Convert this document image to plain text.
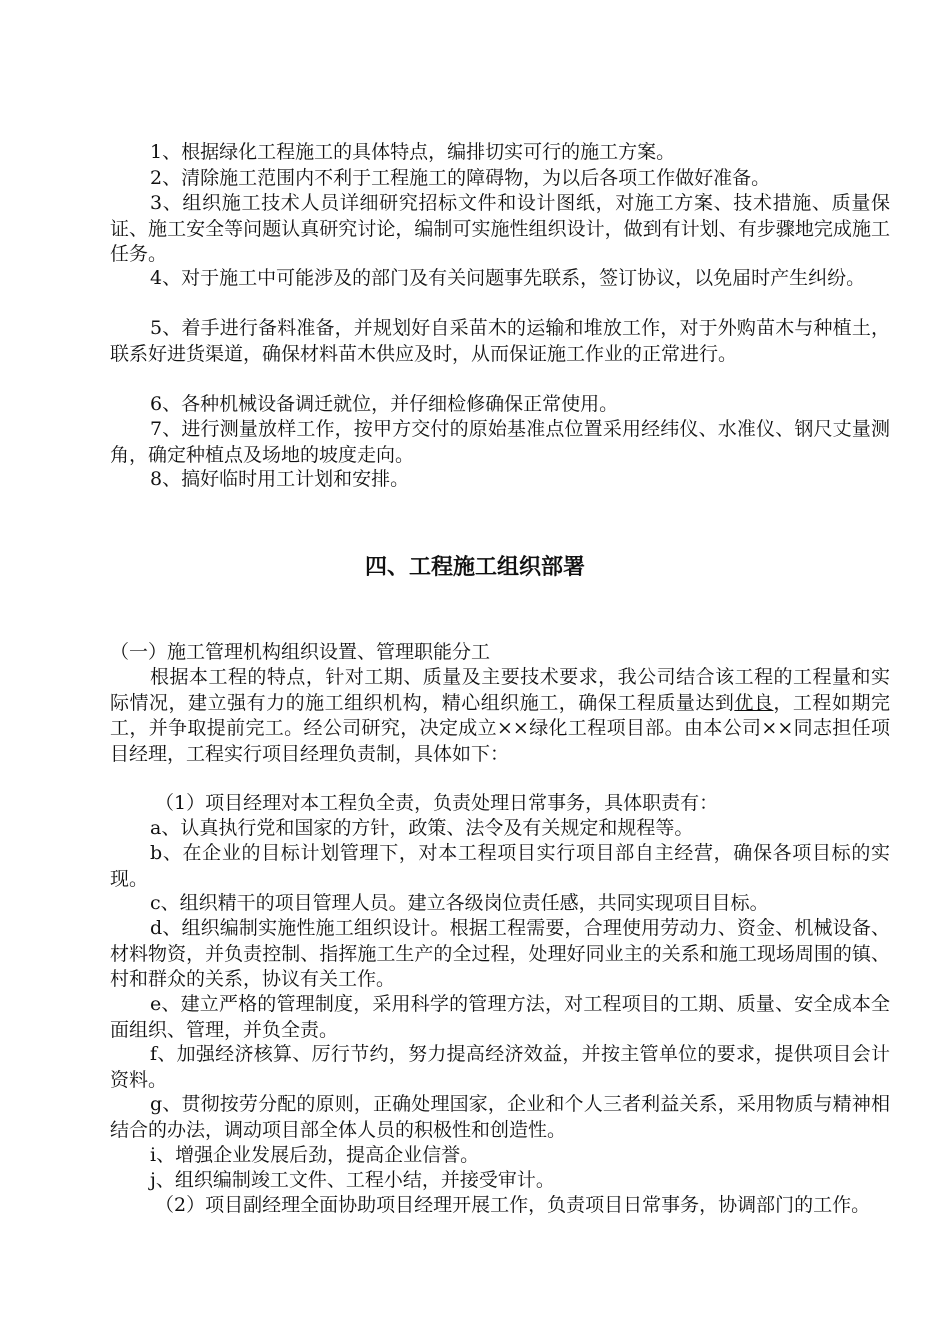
1、根据绿化工程施工的具体特点，编排切实可行的施工方案。

2、清除施工范围内不利于工程施工的障碍物，为以后各项工作做好准备。

3、组织施工技术人员详细研究招标文件和设计图纸，对施工方案、技术措施、质量保证、施工安全等问题认真研究讨论，编制可实施性组织设计，做到有计划、有步骤地完成施工任务。

4、对于施工中可能涉及的部门及有关问题事先联系，签订协议，以免届时产生纠纷。

5、着手进行备料准备，并规划好自采苗木的运输和堆放工作，对于外购苗木与种植土，联系好进货渠道，确保材料苗木供应及时，从而保证施工作业的正常进行。

6、各种机械设备调迁就位，并仔细检修确保正常使用。

7、进行测量放样工作，按甲方交付的原始基准点位置采用经纬仪、水准仪、钢尺丈量测角，确定种植点及场地的坡度走向。

8、搞好临时用工计划和安排。

四、工程施工组织部署

（一）施工管理机构组织设置、管理职能分工

根据本工程的特点，针对工期、质量及主要技术要求，我公司结合该工程的工程量和实际情况，建立强有力的施工组织机构，精心组织施工，确保工程质量达到优良，工程如期完工，并争取提前完工。经公司研究，决定成立××绿化工程项目部。由本公司××同志担任项目经理，工程实行项目经理负责制，具体如下：

（1）项目经理对本工程负全责，负责处理日常事务，具体职责有：

a、认真执行党和国家的方针，政策、法令及有关规定和规程等。

b、在企业的目标计划管理下，对本工程项目实行项目部自主经营，确保各项目标的实现。

c、组织精干的项目管理人员。建立各级岗位责任感，共同实现项目目标。

d、组织编制实施性施工组织设计。根据工程需要，合理使用劳动力、资金、机械设备、材料物资，并负责控制、指挥施工生产的全过程，处理好同业主的关系和施工现场周围的镇、村和群众的关系，协议有关工作。

e、建立严格的管理制度，采用科学的管理方法，对工程项目的工期、质量、安全成本全面组织、管理，并负全责。

f、加强经济核算、厉行节约，努力提高经济效益，并按主管单位的要求，提供项目会计资料。

g、贯彻按劳分配的原则，正确处理国家，企业和个人三者利益关系，采用物质与精神相结合的办法，调动项目部全体人员的积极性和创造性。

i、增强企业发展后劲，提高企业信誉。

j、组织编制竣工文件、工程小结，并接受审计。

（2）项目副经理全面协助项目经理开展工作，负责项目日常事务，协调部门的工作。
